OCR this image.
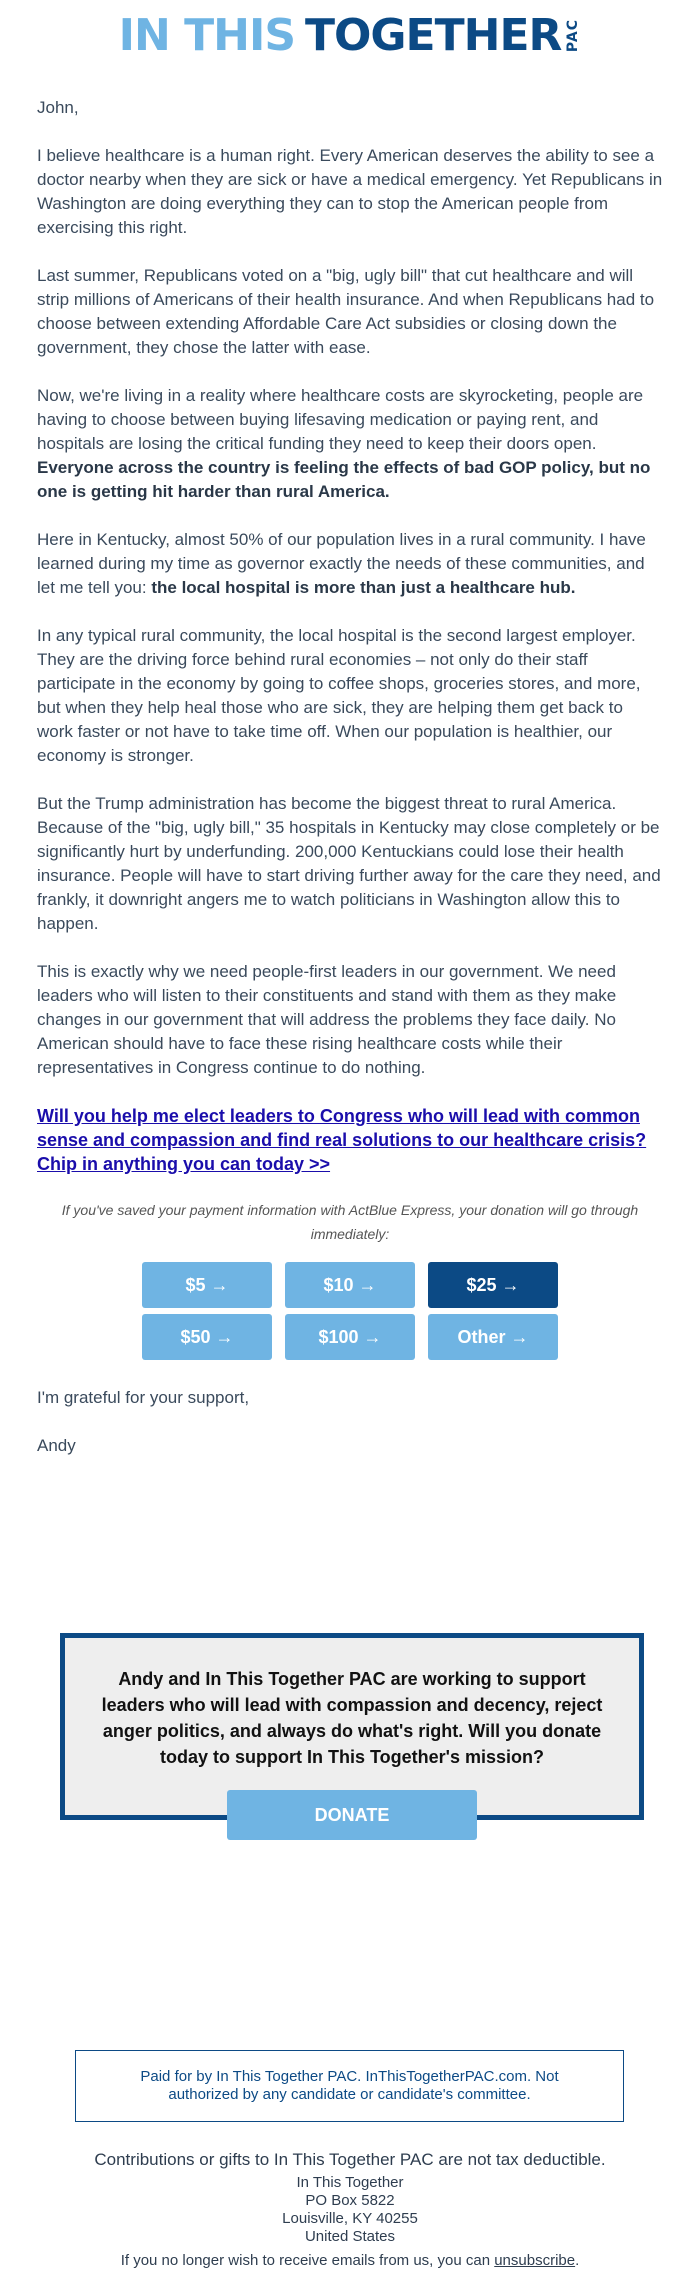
IN THIS TOGETHER PAC

John,

I believe healthcare is a human right. Every American deserves the ability to see a doctor nearby when they are sick or have a medical emergency. Yet Republicans in Washington are doing everything they can to stop the American people from exercising this right.

Last summer, Republicans voted on a "big, ugly bill" that cut healthcare and will strip millions of Americans of their health insurance. And when Republicans had to choose between extending Affordable Care Act subsidies or closing down the government, they chose the latter with ease.

Now, we're living in a reality where healthcare costs are skyrocketing, people are having to choose between buying lifesaving medication or paying rent, and hospitals are losing the critical funding they need to keep their doors open. Everyone across the country is feeling the effects of bad GOP policy, but no one is getting hit harder than rural America.

Here in Kentucky, almost 50% of our population lives in a rural community. I have learned during my time as governor exactly the needs of these communities, and let me tell you: the local hospital is more than just a healthcare hub.

In any typical rural community, the local hospital is the second largest employer. They are the driving force behind rural economies – not only do their staff participate in the economy by going to coffee shops, groceries stores, and more, but when they help heal those who are sick, they are helping them get back to work faster or not have to take time off. When our population is healthier, our economy is stronger.

But the Trump administration has become the biggest threat to rural America. Because of the "big, ugly bill," 35 hospitals in Kentucky may close completely or be significantly hurt by underfunding. 200,000 Kentuckians could lose their health insurance. People will have to start driving further away for the care they need, and frankly, it downright angers me to watch politicians in Washington allow this to happen.

This is exactly why we need people-first leaders in our government. We need leaders who will listen to their constituents and stand with them as they make changes in our government that will address the problems they face daily. No American should have to face these rising healthcare costs while their representatives in Congress continue to do nothing.

Will you help me elect leaders to Congress who will lead with common sense and compassion and find real solutions to our healthcare crisis? Chip in anything you can today >>
If you've saved your payment information with ActBlue Express, your donation will go through immediately:
$5 →	$10 →	$25 →
$50 →	$100 →	Other →

I'm grateful for your support,

Andy

Andy and In This Together PAC are working to support leaders who will lead with compassion and decency, reject anger politics, and always do what's right. Will you donate today to support In This Together's mission?
DONATE
Paid for by In This Together PAC. InThisTogetherPAC.com. Not authorized by any candidate or candidate's committee.
Contributions or gifts to In This Together PAC are not tax deductible.
In This Together
PO Box 5822
Louisville, KY 40255
United States
If you no longer wish to receive emails from us, you can unsubscribe.
